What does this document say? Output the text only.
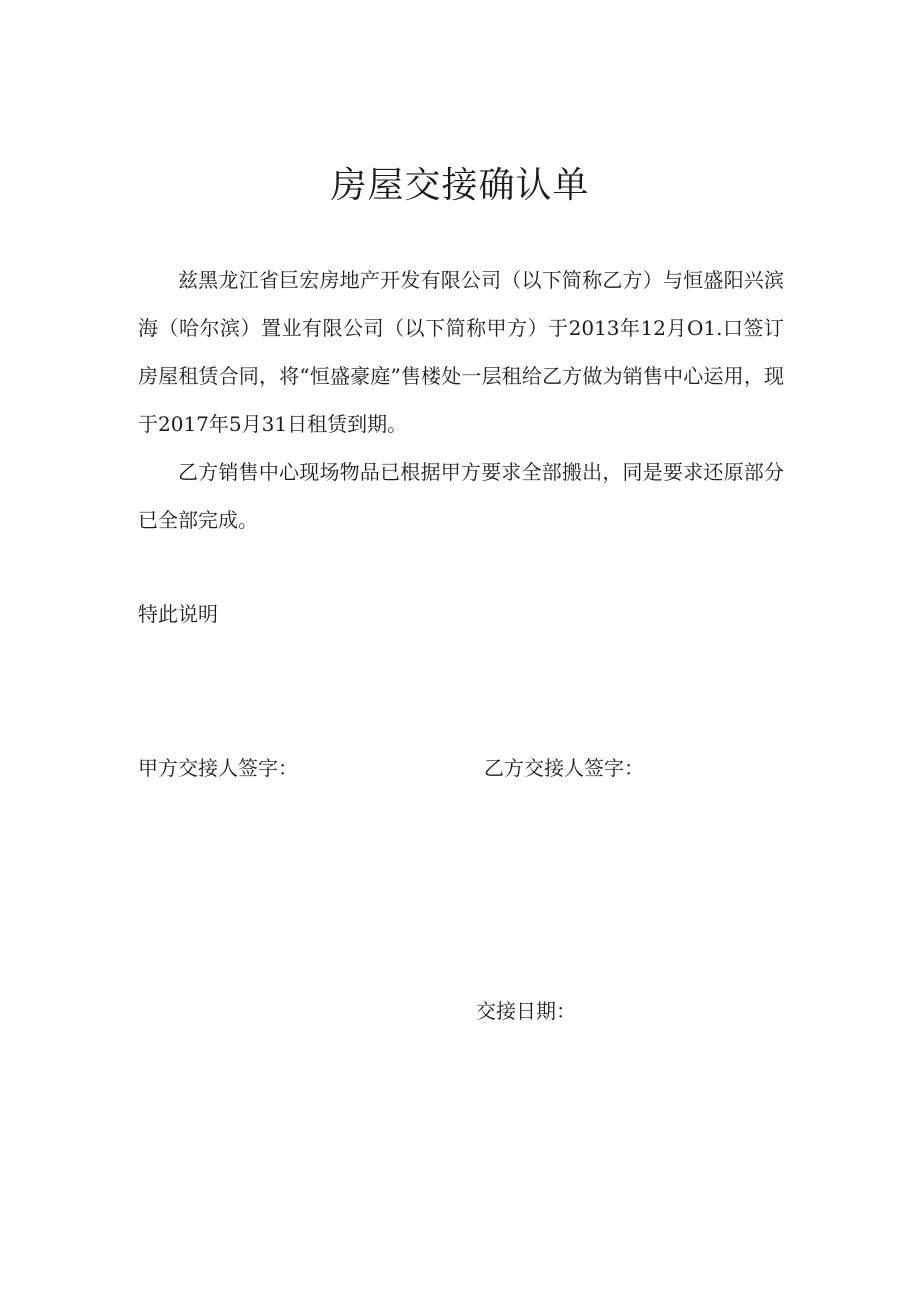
房屋交接确认单

兹黑龙江省巨宏房地产开发有限公司（以下简称乙方）与恒盛阳兴滨海（哈尔滨）置业有限公司（以下简称甲方）于2013年12月O1.口签订房屋租赁合同，将“恒盛豪庭”售楼处一层租给乙方做为销售中心运用，现于2017年5月31日租赁到期。

乙方销售中心现场物品已根据甲方要求全部搬出，同是要求还原部分已全部完成。

特此说明

甲方交接人签字：	乙方交接人签字：

交接日期：
